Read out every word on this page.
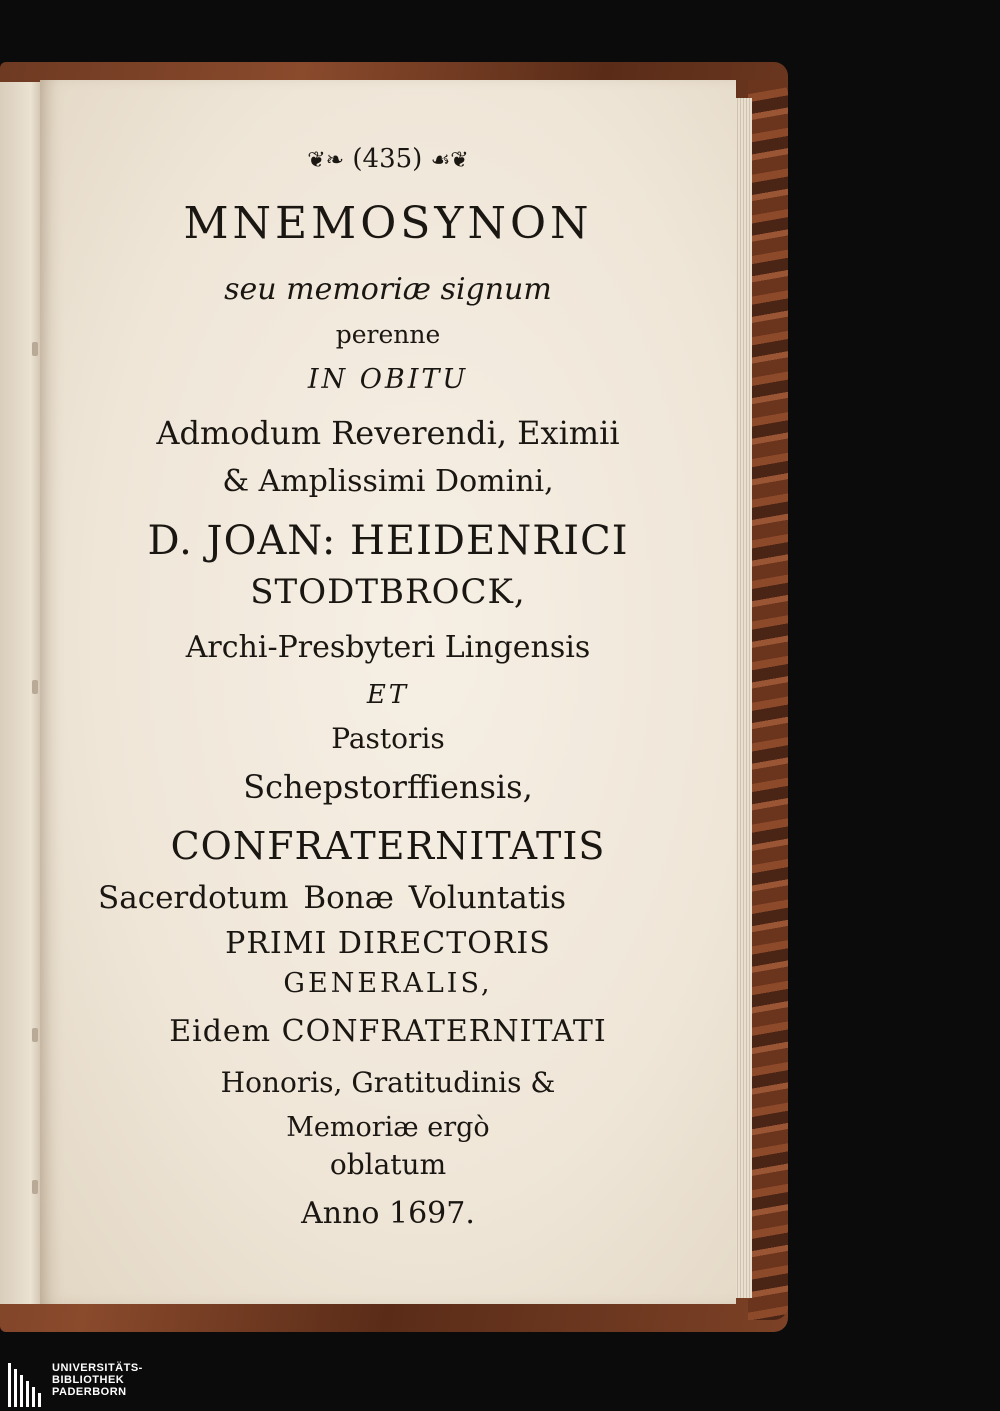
❦❧ (435) ☙❦
MNEMOSYNON
seu memoriæ signum
perenne
IN OBITU
Admodum Reverendi, Eximii
& Amplissimi Domini,
D. JOAN: HEIDENRICI
STODTBROCK,
Archi-Presbyteri Lingensis
ET
Pastoris
Schepstorffiensis,
CONFRATERNITATIS
Sacerdotum Bonæ Voluntatis
PRIMI DIRECTORIS
GENERALIS,
Eidem CONFRATERNITATI
Honoris, Gratitudinis &
Memoriæ ergò
oblatum
Anno 1697.
UNIVERSITÄTS-
BIBLIOTHEK
PADERBORN
